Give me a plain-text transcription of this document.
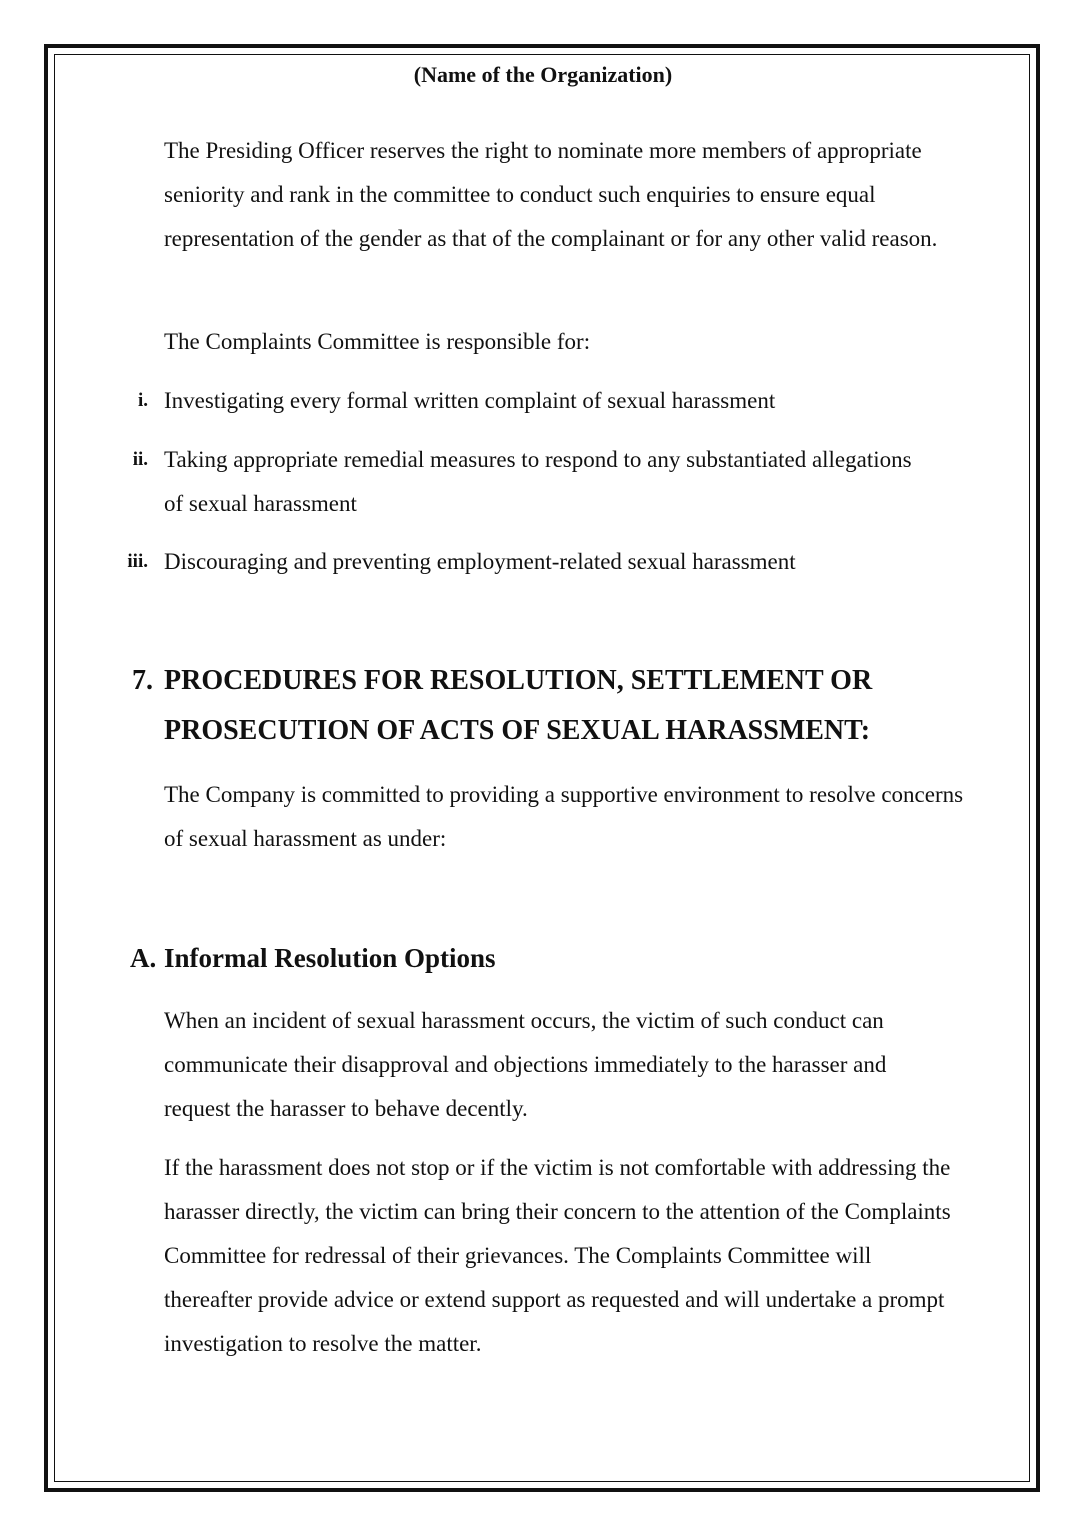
(Name of the Organization)

The Presiding Officer reserves the right to nominate more members of appropriate seniority and rank in the committee to conduct such enquiries to ensure equal representation of the gender as that of the complainant or for any other valid reason.

The Complaints Committee is responsible for:

i. Investigating every formal written complaint of sexual harassment
ii. Taking appropriate remedial measures to respond to any substantiated allegations of sexual harassment
iii. Discouraging and preventing employment-related sexual harassment
7. PROCEDURES FOR RESOLUTION, SETTLEMENT OR PROSECUTION OF ACTS OF SEXUAL HARASSMENT:

The Company is committed to providing a supportive environment to resolve concerns of sexual harassment as under:

A. Informal Resolution Options

When an incident of sexual harassment occurs, the victim of such conduct can communicate their disapproval and objections immediately to the harasser and request the harasser to behave decently.

If the harassment does not stop or if the victim is not comfortable with addressing the harasser directly, the victim can bring their concern to the attention of the Complaints Committee for redressal of their grievances. The Complaints Committee will thereafter provide advice or extend support as requested and will undertake a prompt investigation to resolve the matter.
